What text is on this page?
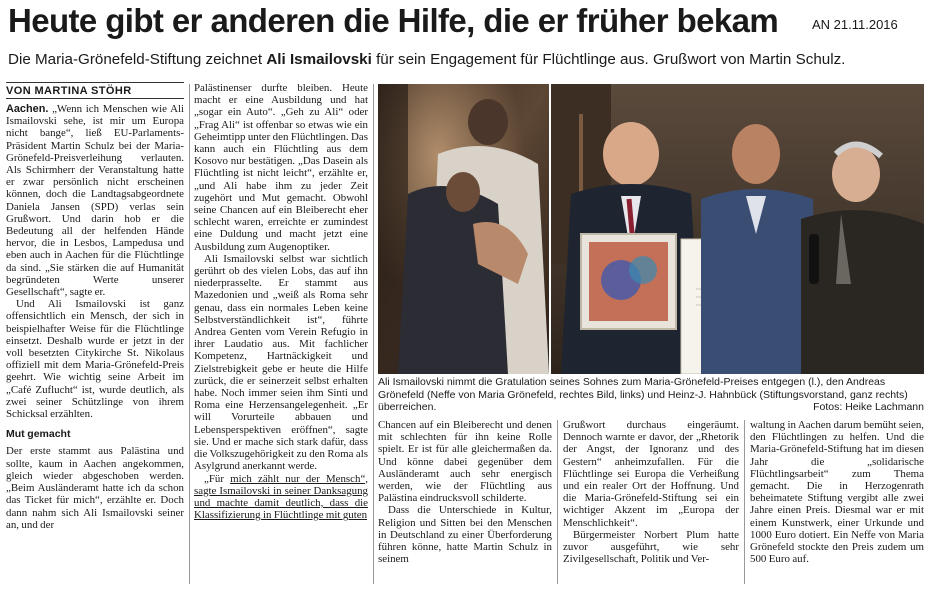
Heute gibt er anderen die Hilfe, die er früher bekam	AN 21.11.2016
Die Maria-Grönefeld-Stiftung zeichnet Ali Ismailovski für sein Engagement für Flüchtlinge aus. Grußwort von Martin Schulz.
VON MARTINA STÖHR

Aachen. „Wenn ich Menschen wie Ali Ismailovski sehe, ist mir um Europa nicht bange“, ließ EU-Parlaments-Präsident Martin Schulz bei der Maria-Grönefeld-Preisverleihung verlauten. Als Schirmherr der Veranstaltung hatte er zwar persönlich nicht erscheinen können, doch die Landtagsabgeordnete Daniela Jansen (SPD) verlas sein Grußwort. Und darin hob er die Bedeutung all der helfenden Hände hervor, die in Lesbos, Lampedusa und eben auch in Aachen für die Flüchtlinge da sind. „Sie stärken die auf Humanität begründeten Werte unserer Gesellschaft“, sagte er.

Und Ali Ismailovski ist ganz offensichtlich ein Mensch, der sich in beispielhafter Weise für die Flüchtlinge einsetzt. Deshalb wurde er jetzt in der voll besetzten Citykirche St. Nikolaus offiziell mit dem Maria-Grönefeld-Preis geehrt. Wie wichtig seine Arbeit im „Café Zuflucht“ ist, wurde deutlich, als zwei seiner Schützlinge von ihrem Schicksal erzählten.

Mut gemacht

Der erste stammt aus Palästina und sollte, kaum in Aachen angekommen, gleich wieder abgeschoben werden. „Beim Ausländeramt hatte ich da schon das Ticket für mich“, erzählte er. Doch dann nahm sich Ali Ismailovski seiner an, und der

Palästinenser durfte bleiben. Heute macht er eine Ausbildung und hat „sogar ein Auto“. „Geh zu Ali“ oder „Frag Ali“ ist offenbar so etwas wie ein Geheimtipp unter den Flüchtlingen. Das kann auch ein Flüchtling aus dem Kosovo nur bestätigen. „Das Dasein als Flüchtling ist nicht leicht“, erzählte er, „und Ali habe ihm zu jeder Zeit zugehört und Mut gemacht. Obwohl seine Chancen auf ein Bleiberecht eher schlecht waren, erreichte er zumindest eine Duldung und macht jetzt eine Ausbildung zum Augenoptiker.

Ali Ismailovski selbst war sichtlich gerührt ob des vielen Lobs, das auf ihn niederprasselte. Er stammt aus Mazedonien und „weiß als Roma sehr genau, dass ein normales Leben keine Selbstverständlichkeit ist“, führte Andrea Genten vom Verein Refugio in ihrer Laudatio aus. Mit fachlicher Kompetenz, Hartnäckigkeit und Zielstrebigkeit gebe er heute die Hilfe zurück, die er seinerzeit selbst erhalten habe. Noch immer seien ihm Sinti und Roma eine Herzensangelegenheit. „Er will Vorurteile abbauen und Lebensperspektiven eröffnen“, sagte sie. Und er mache sich stark dafür, dass die Volkszugehörigkeit zu den Roma als Asylgrund anerkannt werde.

„Für mich zählt nur der Mensch“, sagte Ismailovski in seiner Danksagung und machte damit deutlich, dass die Klassifizierung in Flüchtlinge mit guten

Ali Ismailovski nimmt die Gratulation seines Sohnes zum Maria-Grönefeld-Preises entgegen (l.), den Andreas Grönefeld (Neffe von Maria Grönefeld, rechtes Bild, links) und Heinz-J. Hahnbück (Stiftungsvorstand, ganz rechts) überreichen.	Fotos: Heike Lachmann

Chancen auf ein Bleiberecht und denen mit schlechten für ihn keine Rolle spielt. Er ist für alle gleichermaßen da. Und könne dabei gegenüber dem Ausländeramt auch sehr energisch werden, wie der Flüchtling aus Palästina eindrucksvoll schilderte.

Dass die Unterschiede in Kultur, Religion und Sitten bei den Menschen in Deutschland zu einer Überforderung führen könne, hatte Martin Schulz in seinem

Grußwort durchaus eingeräumt. Dennoch warnte er davor, der „Rhetorik der Angst, der Ignoranz und des Gestern“ anheimzufallen. Für die Flüchtlinge sei Europa die Verheißung und ein realer Ort der Hoffnung. Und die Maria-Grönefeld-Stiftung sei ein wichtiger Akzent im „Europa der Menschlichkeit“.

Bürgermeister Norbert Plum hatte zuvor ausgeführt, wie sehr Zivilgesellschaft, Politik und Ver-

waltung in Aachen darum bemüht seien, den Flüchtlingen zu helfen. Und die Maria-Grönefeld-Stiftung hat im diesen Jahr die „solidarische Flüchtlingsarbeit“ zum Thema gemacht. Die in Herzogenrath beheimatete Stiftung vergibt alle zwei Jahre einen Preis. Diesmal war er mit einem Kunstwerk, einer Urkunde und 1000 Euro dotiert. Ein Neffe von Maria Grönefeld stockte den Preis zudem um 500 Euro auf.
